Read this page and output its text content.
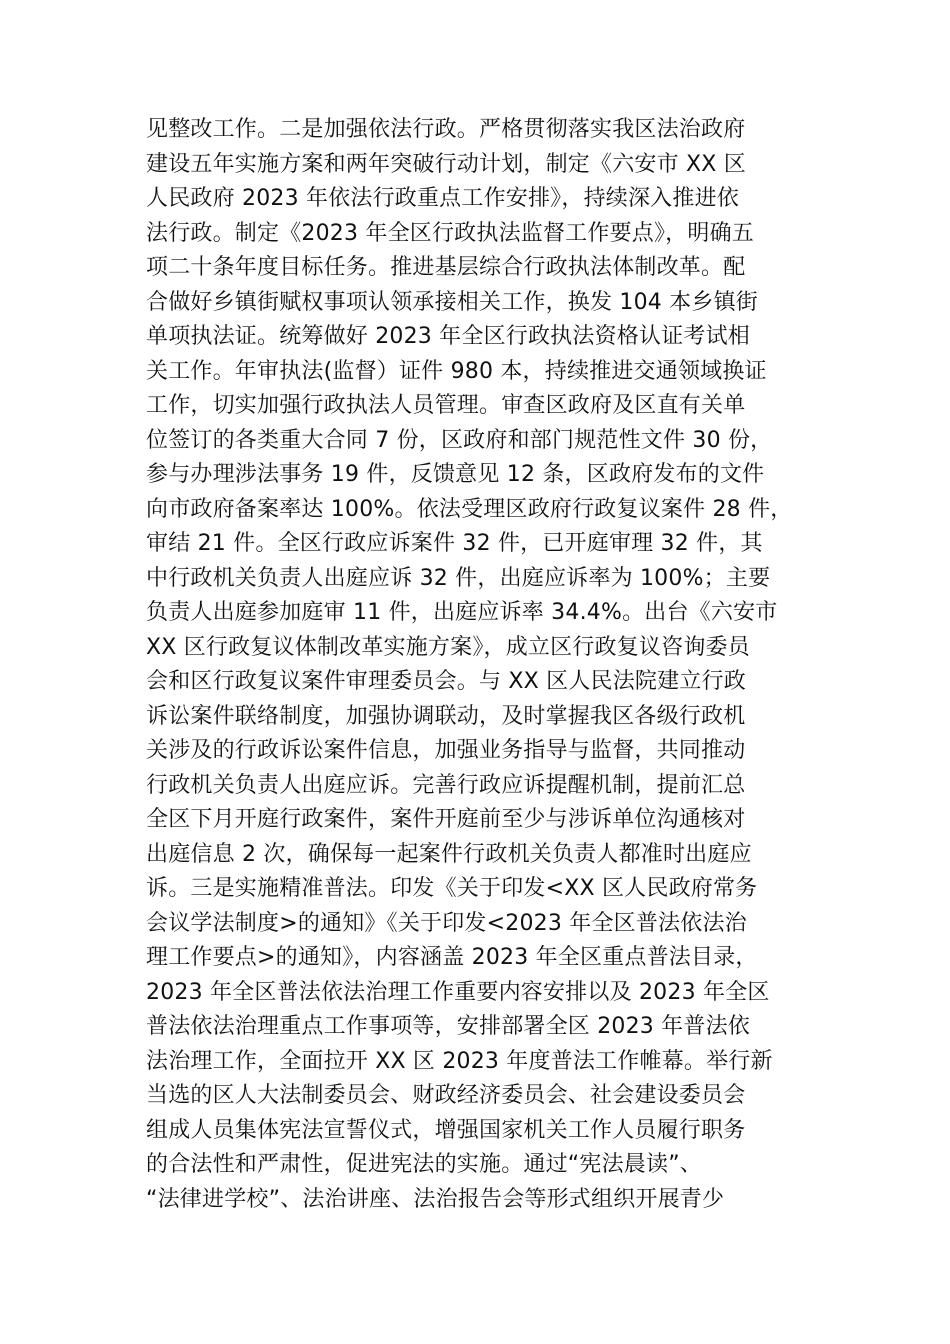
见整改工作。二是加强依法行政。严格贯彻落实我区法治政府
建设五年实施方案和两年突破行动计划，制定《六安市 XX 区
人民政府 2023 年依法行政重点工作安排》，持续深入推进依
法行政。制定《2023 年全区行政执法监督工作要点》，明确五
项二十条年度目标任务。推进基层综合行政执法体制改革。配
合做好乡镇街赋权事项认领承接相关工作，换发 104 本乡镇街
单项执法证。统筹做好 2023 年全区行政执法资格认证考试相
关工作。年审执法(监督）证件 980 本，持续推进交通领域换证
工作，切实加强行政执法人员管理。审查区政府及区直有关单
位签订的各类重大合同 7 份，区政府和部门规范性文件 30 份，
参与办理涉法事务 19 件，反馈意见 12 条，区政府发布的文件
向市政府备案率达 100%。依法受理区政府行政复议案件 28 件，
审结 21 件。全区行政应诉案件 32 件，已开庭审理 32 件，其
中行政机关负责人出庭应诉 32 件，出庭应诉率为 100%；主要
负责人出庭参加庭审 11 件，出庭应诉率 34.4%。出台《六安市
XX 区行政复议体制改革实施方案》，成立区行政复议咨询委员
会和区行政复议案件审理委员会。与 XX 区人民法院建立行政
诉讼案件联络制度，加强协调联动，及时掌握我区各级行政机
关涉及的行政诉讼案件信息，加强业务指导与监督，共同推动
行政机关负责人出庭应诉。完善行政应诉提醒机制，提前汇总
全区下月开庭行政案件，案件开庭前至少与涉诉单位沟通核对
出庭信息 2 次，确保每一起案件行政机关负责人都准时出庭应
诉。三是实施精准普法。印发《关于印发<XX 区人民政府常务
会议学法制度>的通知》《关于印发<2023 年全区普法依法治
理工作要点>的通知》，内容涵盖 2023 年全区重点普法目录，
2023 年全区普法依法治理工作重要内容安排以及 2023 年全区
普法依法治理重点工作事项等，安排部署全区 2023 年普法依
法治理工作，全面拉开 XX 区 2023 年度普法工作帷幕。举行新
当选的区人大法制委员会、财政经济委员会、社会建设委员会
组成人员集体宪法宣誓仪式，增强国家机关工作人员履行职务
的合法性和严肃性，促进宪法的实施。通过“宪法晨读”、
“法律进学校”、法治讲座、法治报告会等形式组织开展青少
